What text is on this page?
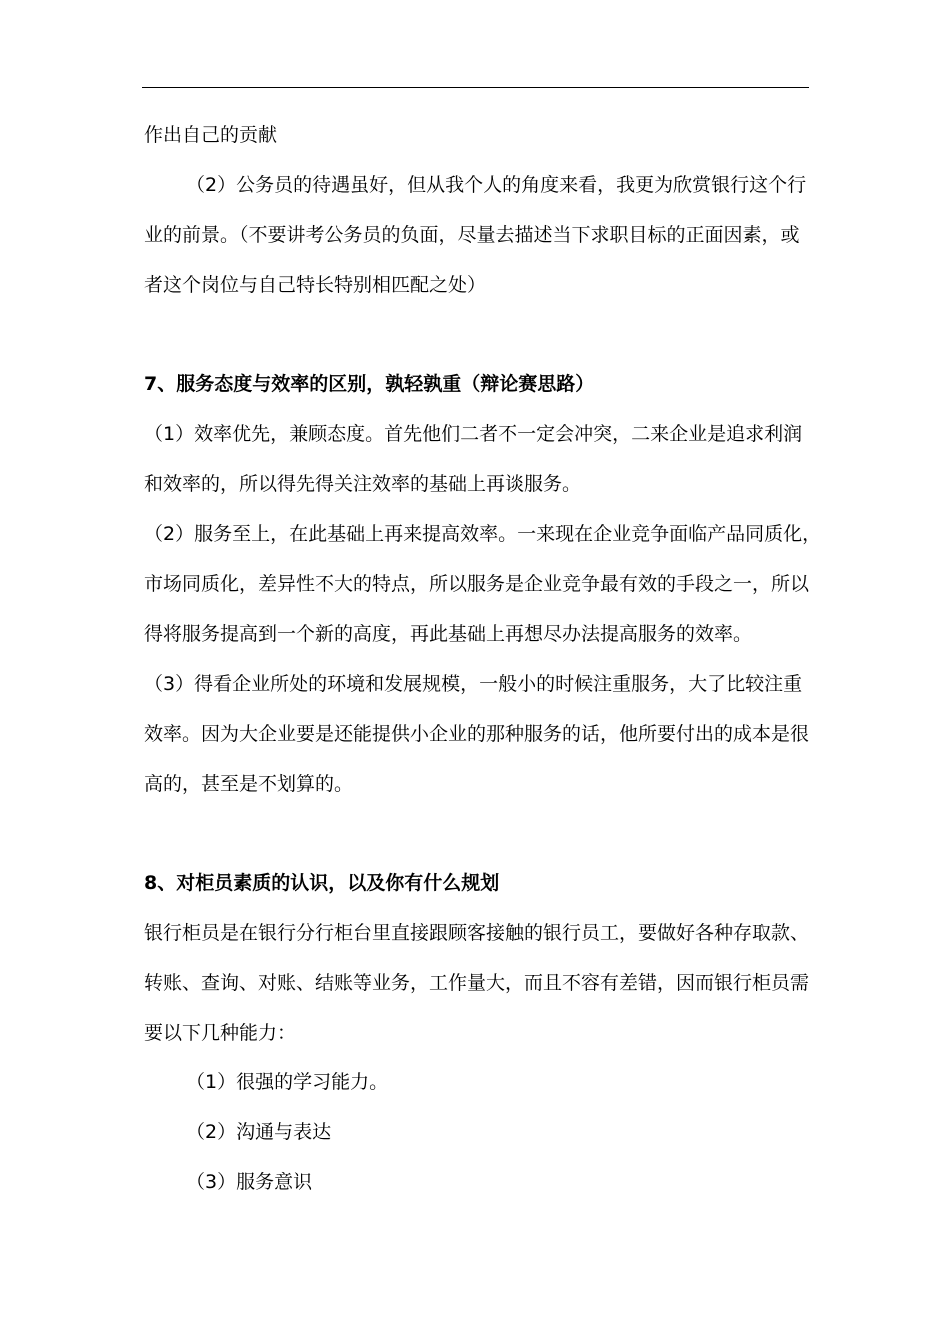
作出自己的贡献
（2）公务员的待遇虽好，但从我个人的角度来看，我更为欣赏银行这个行
业的前景。（不要讲考公务员的负面，尽量去描述当下求职目标的正面因素，或
者这个岗位与自己特长特别相匹配之处）
7、服务态度与效率的区别，孰轻孰重（辩论赛思路）
（1）效率优先，兼顾态度。首先他们二者不一定会冲突，二来企业是追求利润
和效率的，所以得先得关注效率的基础上再谈服务。
（2）服务至上，在此基础上再来提高效率。一来现在企业竞争面临产品同质化，
市场同质化，差异性不大的特点，所以服务是企业竞争最有效的手段之一，所以
得将服务提高到一个新的高度，再此基础上再想尽办法提高服务的效率。
（3）得看企业所处的环境和发展规模，一般小的时候注重服务，大了比较注重
效率。因为大企业要是还能提供小企业的那种服务的话，他所要付出的成本是很
高的，甚至是不划算的。
8、对柜员素质的认识，以及你有什么规划
银行柜员是在银行分行柜台里直接跟顾客接触的银行员工，要做好各种存取款、
转账、查询、对账、结账等业务，工作量大，而且不容有差错，因而银行柜员需
要以下几种能力：
（1）很强的学习能力。
（2）沟通与表达
（3）服务意识
